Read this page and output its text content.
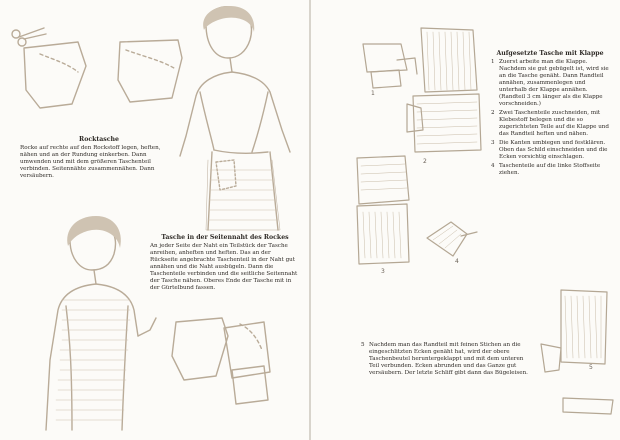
Rocktasche

Rocke auf rechte auf den Rockstoff legen, heften, nähen und an der Rundung einkerben. Dann umwenden und mit dem größeren Taschenteil verbinden. Seitennähte zusammennähen. Dann versäubern.

Tasche in der Seitennaht des Rockes

An jeder Seite der Naht ein Teilstück der Tasche anreihen, anheften und heften. Das an der Rückseite angebrachte Taschenteil in der Naht gut annähen und die Naht ausbügeln. Dann die Taschenteile verbinden und die seitliche Seitennaht der Tasche nähen. Oberes Ende der Tasche mit in der Gürtelbund fassen.

1
2
3
4
5
Aufgesetzte Tasche mit Klappe
1 Zuerst arbeite man die Klappe. Nachdem sie gut gebügelt ist, wird sie an die Tasche genäht. Dann Randteil annähen, zusammenlegen und unterhalb der Klappe annähen. (Randteil 3 cm länger als die Klappe vorschneiden.)
2 Zwei Taschenteile zuschneiden, mit Klebestoff belegen und die so zugerichteten Teile auf die Klappe und das Randteil heften und nähen.
3 Die Kanten umbiegen und festklären. Oben das Schild einschneiden und die Ecken vorsichtig einschlagen.
4 Taschenteile auf die linke Stoffseite ziehen.
5 Nachdem man das Randteil mit feinen Stichen an die eingeschlitzten Ecken genäht hat, wird der obere Taschenbeutel heruntergeklappt und mit dem unteren Teil verbunden. Ecken abrunden und das Ganze gut versäubern. Der letzte Schliff gibt dann das Bügeleisen.
